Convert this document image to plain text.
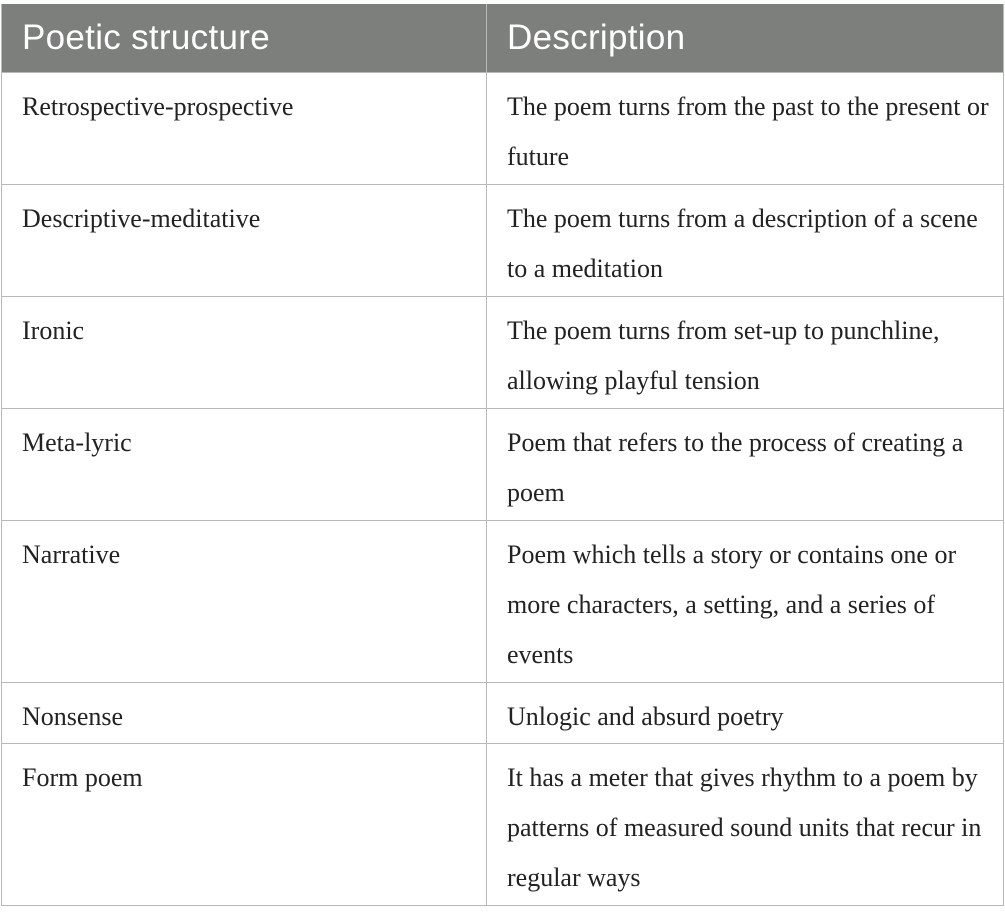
Poetic structure	Description
Retrospective-prospective	The poem turns from the past to the present or future
Descriptive-meditative	The poem turns from a description of a scene to a meditation
Ironic	The poem turns from set-up to punchline, allowing playful tension
Meta-lyric	Poem that refers to the process of creating a poem
Narrative	Poem which tells a story or contains one or more characters, a setting, and a series of events
Nonsense	Unlogic and absurd poetry
Form poem	It has a meter that gives rhythm to a poem by patterns of measured sound units that recur in regular ways
